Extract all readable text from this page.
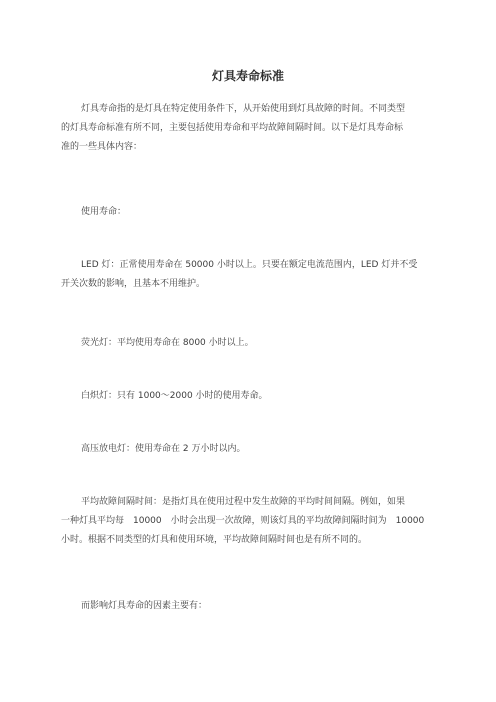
灯具寿命标准

灯具寿命指的是灯具在特定使用条件下，从开始使用到灯具故障的时间。不同类型
的灯具寿命标准有所不同，主要包括使用寿命和平均故障间隔时间。以下是灯具寿命标
准的一些具体内容：

使用寿命：

LED 灯：正常使用寿命在 50000 小时以上。只要在额定电流范围内，LED 灯并不受
开关次数的影响，且基本不用维护。

荧光灯：平均使用寿命在 8000 小时以上。

白炽灯：只有 1000～2000 小时的使用寿命。

高压放电灯：使用寿命在 2 万小时以内。

平均故障间隔时间：是指灯具在使用过程中发生故障的平均时间间隔。例如，如果
一种灯具平均每　10000　小时会出现一次故障，则该灯具的平均故障间隔时间为　10000
小时。根据不同类型的灯具和使用环境，平均故障间隔时间也是有所不同的。

而影响灯具寿命的因素主要有：
